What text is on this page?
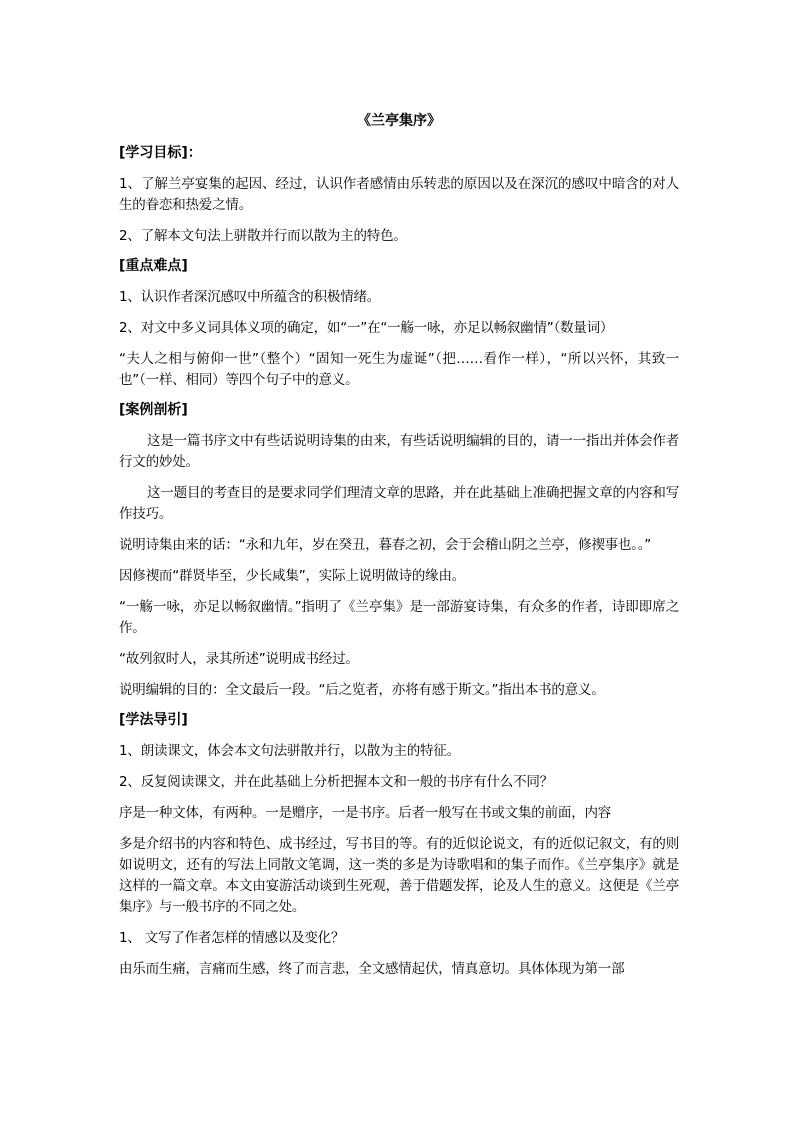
《兰亭集序》
[学习目标]：

1、了解兰亭宴集的起因、经过，认识作者感情由乐转悲的原因以及在深沉的感叹中暗含的对人生的眷恋和热爱之情。

2、了解本文句法上骈散并行而以散为主的特色。

[重点难点]

1、认识作者深沉感叹中所蕴含的积极情绪。

2、对文中多义词具体义项的确定，如“一”在“一觞一咏，亦足以畅叙幽情”（数量词）

“夫人之相与俯仰一世”（整个）“固知一死生为虚诞”（把……看作一样），“所以兴怀，其致一也”（一样、相同）等四个句子中的意义。

[案例剖析]

这是一篇书序文中有些话说明诗集的由来，有些话说明编辑的目的，请一一指出并体会作者行文的妙处。

这一题目的考查目的是要求同学们理清文章的思路，并在此基础上准确把握文章的内容和写作技巧。

说明诗集由来的话：“永和九年，岁在癸丑，暮春之初，会于会稽山阴之兰亭，修禊事也。。”

因修禊而“群贤毕至，少长咸集”，实际上说明做诗的缘由。

“一觞一咏，亦足以畅叙幽情。”指明了《兰亭集》是一部游宴诗集，有众多的作者，诗即即席之作。

“故列叙时人，录其所述”说明成书经过。

说明编辑的目的：全文最后一段。“后之览者，亦将有感于斯文。”指出本书的意义。

[学法导引]

1、朗读课文，体会本文句法骈散并行，以散为主的特征。

2、反复阅读课文，并在此基础上分析把握本文和一般的书序有什么不同？

序是一种文体，有两种。一是赠序，一是书序。后者一般写在书或文集的前面，内容

多是介绍书的内容和特色、成书经过，写书目的等。有的近似论说文，有的近似记叙文，有的则如说明文，还有的写法上同散文笔调，这一类的多是为诗歌唱和的集子而作。《兰亭集序》就是这样的一篇文章。本文由宴游活动谈到生死观，善于借题发挥，论及人生的意义。这便是《兰亭集序》与一般书序的不同之处。

1、 文写了作者怎样的情感以及变化？

由乐而生痛，言痛而生感，终了而言悲，全文感情起伏，情真意切。具体体现为第一部
